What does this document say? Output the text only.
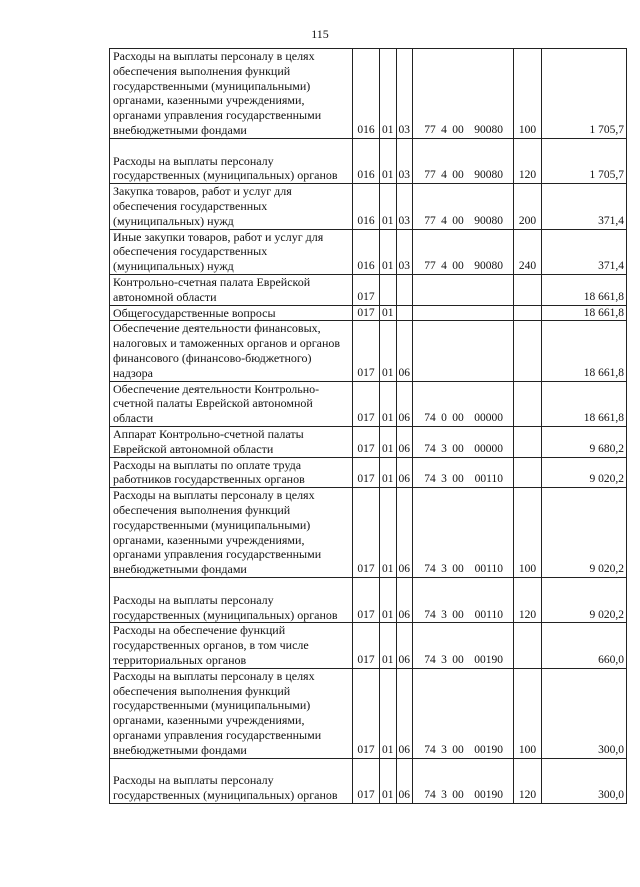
115
Расходы на выплаты персоналу в целях обеспечения выполнения функций государственными (муниципальными) органами, казенными учреждениями, органами управления государственными внебюджетными фондами	016	01	03	77 4 00 90080	100	1 705,7
Расходы на выплаты персоналу государственных (муниципальных) органов	016	01	03	77 4 00 90080	120	1 705,7
Закупка товаров, работ и услуг для обеспечения государственных (муниципальных) нужд	016	01	03	77 4 00 90080	200	371,4
Иные закупки товаров, работ и услуг для обеспечения государственных (муниципальных) нужд	016	01	03	77 4 00 90080	240	371,4
Контрольно-счетная палата Еврейской автономной области	017					18 661,8
Общегосударственные вопросы	017	01				18 661,8
Обеспечение деятельности финансовых, налоговых и таможенных органов и органов финансового (финансово-бюджетного) надзора	017	01	06			18 661,8
Обеспечение деятельности Контрольно-счетной палаты Еврейской автономной области	017	01	06	74 0 00 00000		18 661,8
Аппарат Контрольно-счетной палаты Еврейской автономной области	017	01	06	74 3 00 00000		9 680,2
Расходы на выплаты по оплате труда работников государственных органов	017	01	06	74 3 00 00110		9 020,2
Расходы на выплаты персоналу в целях обеспечения выполнения функций государственными (муниципальными) органами, казенными учреждениями, органами управления государственными внебюджетными фондами	017	01	06	74 3 00 00110	100	9 020,2
Расходы на выплаты персоналу государственных (муниципальных) органов	017	01	06	74 3 00 00110	120	9 020,2
Расходы на обеспечение функций государственных органов, в том числе территориальных органов	017	01	06	74 3 00 00190		660,0
Расходы на выплаты персоналу в целях обеспечения выполнения функций государственными (муниципальными) органами, казенными учреждениями, органами управления государственными внебюджетными фондами	017	01	06	74 3 00 00190	100	300,0
Расходы на выплаты персоналу государственных (муниципальных) органов	017	01	06	74 3 00 00190	120	300,0
